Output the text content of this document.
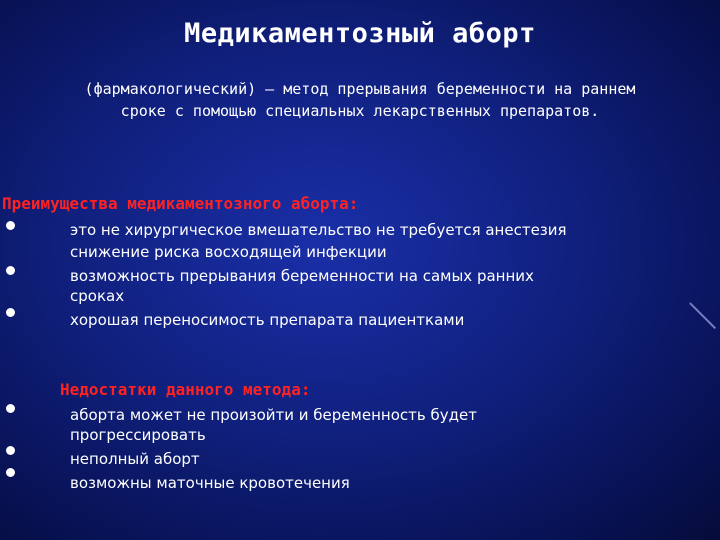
Медикаментозный аборт
(фармакологический) – метод прерывания беременности на раннем сроке с помощью специальных лекарственных препаратов.
Преимущества медикаментозного аборта:
это не хирургическое вмешательство не требуется анестезия
снижение риска восходящей инфекции
возможность прерывания беременности на самых ранних
сроках
хорошая переносимость препарата пациентками
Недостатки данного метода:
аборта может не произойти и беременность будет
прогрессировать
неполный аборт
возможны маточные кровотечения
